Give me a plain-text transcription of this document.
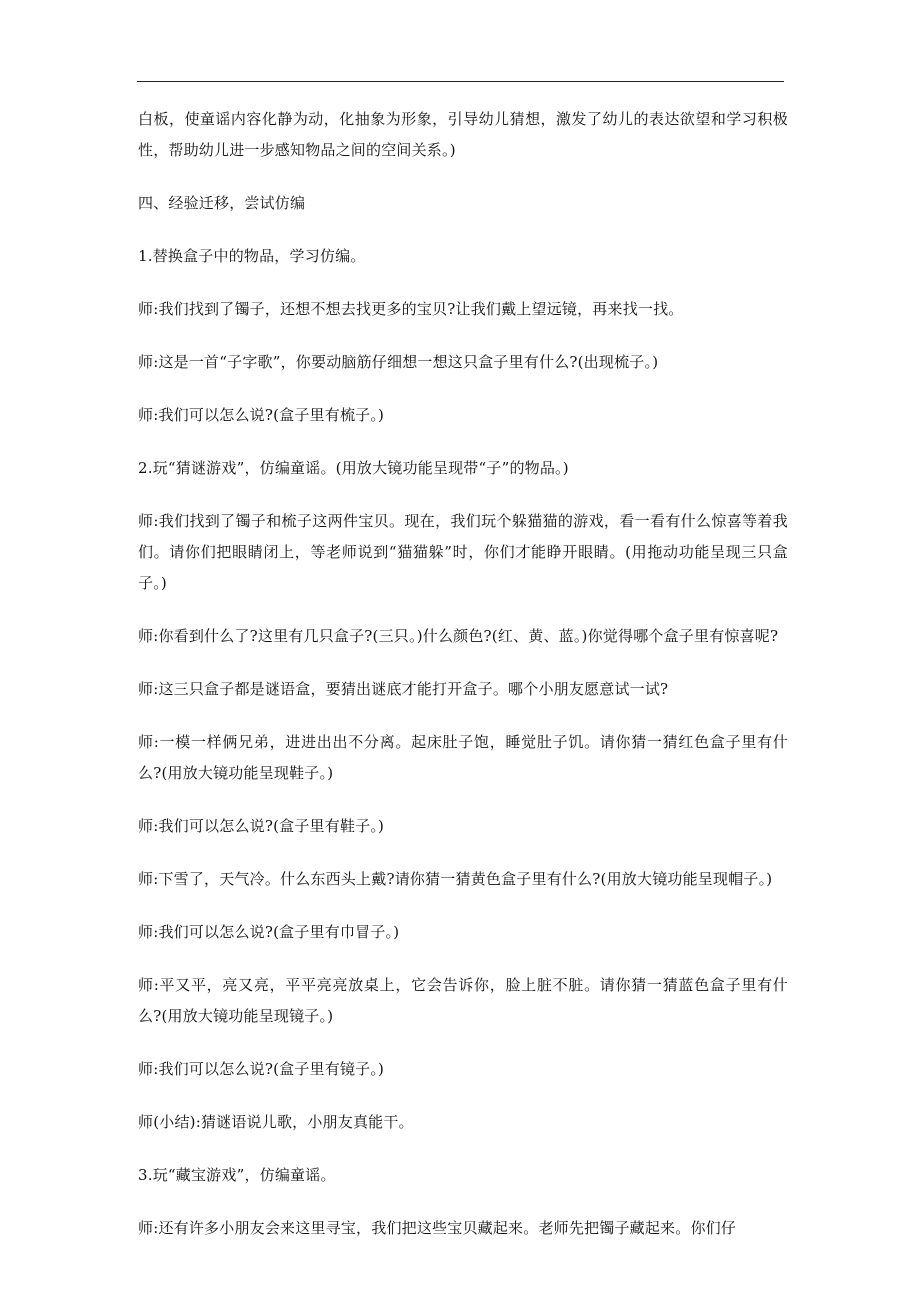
白板，使童谣内容化静为动，化抽象为形象，引导幼儿猜想，激发了幼儿的表达欲望和学习积极性，帮助幼儿进一步感知物品之间的空间关系。)

四、经验迁移，尝试仿编

1.替换盒子中的物品，学习仿编。

师:我们找到了镯子，还想不想去找更多的宝贝?让我们戴上望远镜，再来找一找。

师:这是一首“子字歌”，你要动脑筋仔细想一想这只盒子里有什么?(出现梳子。)

师:我们可以怎么说?(盒子里有梳子。)

2.玩“猜谜游戏”，仿编童谣。(用放大镜功能呈现带“子”的物品。)

师:我们找到了镯子和梳子这两件宝贝。现在，我们玩个躲猫猫的游戏，看一看有什么惊喜等着我们。请你们把眼睛闭上，等老师说到“猫猫躲”时，你们才能睁开眼睛。(用拖动功能呈现三只盒子。)

师:你看到什么了?这里有几只盒子?(三只。)什么颜色?(红、黄、蓝。)你觉得哪个盒子里有惊喜呢?

师:这三只盒子都是谜语盒，要猜出谜底才能打开盒子。哪个小朋友愿意试一试?

师:一模一样俩兄弟，进进出出不分离。起床肚子饱，睡觉肚子饥。请你猜一猜红色盒子里有什么?(用放大镜功能呈现鞋子。)

师:我们可以怎么说?(盒子里有鞋子。)

师:下雪了，天气冷。什么东西头上戴?请你猜一猜黄色盒子里有什么?(用放大镜功能呈现帽子。)

师:我们可以怎么说?(盒子里有巾冒子。)

师:平又平，亮又亮，平平亮亮放桌上，它会告诉你，脸上脏不脏。请你猜一猜蓝色盒子里有什么?(用放大镜功能呈现镜子。)

师:我们可以怎么说?(盒子里有镜子。)

师(小结):猜谜语说儿歌，小朋友真能干。

3.玩“藏宝游戏”，仿编童谣。

师:还有许多小朋友会来这里寻宝，我们把这些宝贝藏起来。老师先把镯子藏起来。你们仔
